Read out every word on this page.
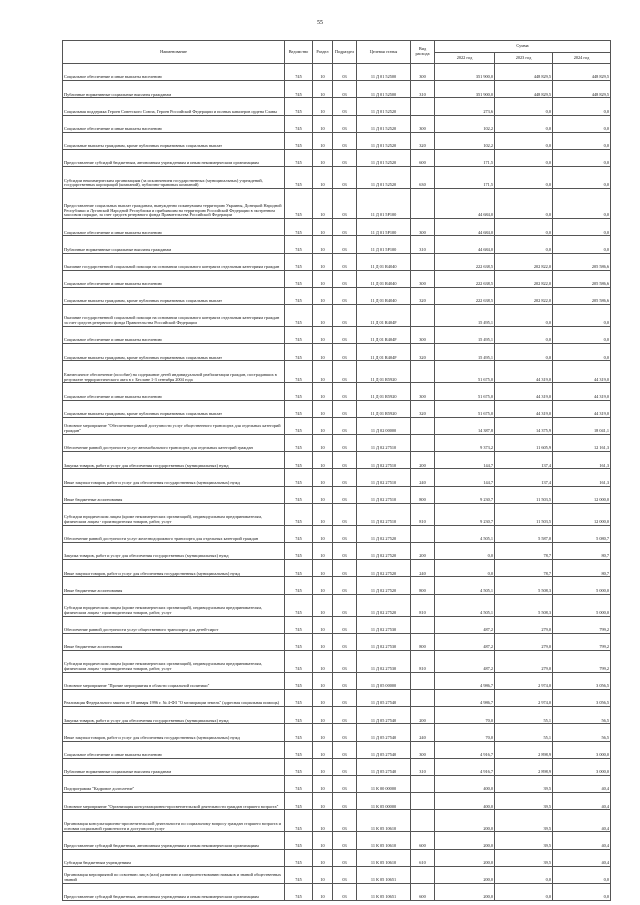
55
Наименование	Ведомство	Раздел	Подраздел	Целевая статья	Вид расхода	Сумма		
						2022 год	2023 год	2024 год
Социальное обеспечение и иные выплаты населению	745	10	03	11 Д 01 52500	300	351 900,0	448 829,5	448 829,5
Публичные нормативные социальные выплаты гражданам	745	10	03	11 Д 01 52500	310	351 900,0	448 829,5	448 829,5
Социальная поддержка Героев Советского Союза, Героев Российской Федерации и полных кавалеров ордена Славы	745	10	03	11 Д 01 52520		273,6	0,0	0,0
Социальное обеспечение и иные выплаты населению	745	10	03	11 Д 01 52520	300	102,2	0,0	0,0
Социальные выплаты гражданам, кроме публичных нормативных социальных выплат	745	10	03	11 Д 01 52520	320	102,2	0,0	0,0
Предоставление субсидий бюджетным, автономным учреждениям и иным некоммерческим организациям	745	10	03	11 Д 01 52520	600	171,5	0,0	0,0
Субсидии некоммерческим организациям (за исключением государственных (муниципальных) учреждений, государственных корпораций (компаний), публично-правовых компаний)	745	10	03	11 Д 01 52520	630	171,5	0,0	0,0
Предоставление социальных выплат гражданам, вынужденно покинувшим территорию Украины, Донецкой Народной Республики и Луганской Народной Республики и прибывшим на территорию Российской Федерации в экстренном массовом порядке, за счет средств резервного фонда Правительства Российской Федерации	745	10	03	11 Д 01 5Р100		44 684,0	0,0	0,0
Социальное обеспечение и иные выплаты населению	745	10	03	11 Д 01 5Р100	300	44 684,0	0,0	0,0
Публичные нормативные социальные выплаты гражданам	745	10	03	11 Д 01 5Р100	310	44 684,0	0,0	0,0
Оказание государственной социальной помощи на основании социального контракта отдельным категориям граждан	745	10	03	11 Д 01 R4040		222 638,5	202 822,0	205 586,6
Социальное обеспечение и иные выплаты населению	745	10	03	11 Д 01 R4040	300	222 638,5	202 822,0	205 586,6
Социальные выплаты гражданам, кроме публичных нормативных социальных выплат	745	10	03	11 Д 01 R4040	320	222 638,5	202 822,0	205 586,6
Оказание государственной социальной помощи на основании социального контракта отдельным категориям граждан за счет средств резервного фонда Правительства Российской Федерации	745	10	03	11 Д 01 R404F		15 495,1	0,0	0,0
Социальное обеспечение и иные выплаты населению	745	10	03	11 Д 01 R404F	300	15 495,1	0,0	0,0
Социальные выплаты гражданам, кроме публичных нормативных социальных выплат	745	10	03	11 Д 01 R404F	320	15 495,1	0,0	0,0
Ежемесячное обеспечение (пособие) на содержание детей индивидуальной реабилитации граждан, пострадавших в результате террористического акта в г. Беслане 1-3 сентября 2004 года	745	10	03	11 Д 01 R5920		51 675,0	44 319,0	44 319,0
Социальное обеспечение и иные выплаты населению	745	10	03	11 Д 01 R5920	300	51 675,0	44 319,0	44 319,0
Социальные выплаты гражданам, кроме публичных нормативных социальных выплат	745	10	03	11 Д 01 R5920	320	51 675,0	44 319,0	44 319,0
Основное мероприятие "Обеспечение равной доступности услуг общественного транспорта для отдельных категорий граждан"	745	10	03	11 Д 02 00000		14 387,8	14 375,9	18 041,1
Обеспечение равной доступности услуг автомобильного транспорта для отдельных категорий граждан	745	10	03	11 Д 02 27510		9 373,2	11 605,9	12 161,3
Закупка товаров, работ и услуг для обеспечения государственных (муниципальных) нужд	745	10	03	11 Д 02 27510	200	144,7	137,4	161,3
Иные закупки товаров, работ и услуг для обеспечения государственных (муниципальных) нужд	745	10	03	11 Д 02 27510	240	144,7	137,4	161,3
Иные бюджетные ассигнования	745	10	03	11 Д 02 27510	800	9 230,7	11 503,5	12 000,0
Субсидии юридическим лицам (кроме некоммерческих организаций), индивидуальным предпринимателям, физическим лицам - производителям товаров, работ, услуг	745	10	03	11 Д 02 27510	810	9 230,7	11 503,5	12 000,0
Обеспечение равной доступности услуг железнодорожного транспорта для отдельных категорий граждан	745	10	03	11 Д 02 27520		4 505,1	5 587,0	5 080,7
Закупка товаров, работ и услуг для обеспечения государственных (муниципальных) нужд	745	10	03	11 Д 02 27520	200	0,0	78,7	80,7
Иные закупки товаров, работ и услуг для обеспечения государственных (муниципальных) нужд	745	10	03	11 Д 02 27520	240	0,0	78,7	80,7
Иные бюджетные ассигнования	745	10	03	11 Д 02 27520	800	4 505,1	5 508,3	5 000,0
Субсидии юридическим лицам (кроме некоммерческих организаций), индивидуальным предпринимателям, физическим лицам - производителям товаров, работ, услуг	745	10	03	11 Д 02 27520	810	4 505,1	5 508,3	5 000,0
Обеспечение равной доступности услуг общественного транспорта для детей-сирот	745	10	03	11 Д 02 27530		487,2	279,0	799,2
Иные бюджетные ассигнования	745	10	03	11 Д 02 27530	800	487,2	279,0	799,2
Субсидии юридическим лицам (кроме некоммерческих организаций), индивидуальным предпринимателям, физическим лицам - производителям товаров, работ, услуг	745	10	03	11 Д 02 27530	810	487,2	279,0	799,2
Основное мероприятие "Прочие мероприятия в области социальной политики"	745	10	03	11 Д 05 00000		4 986,7	2 974,0	3 056,5
Реализация Федерального закона от 10 января 1996 г. № 4-ФЗ "О мелиорации земель" (адресная социальная помощь)	745	10	03	11 Д 05 27540		4 986,7	2 974,0	3 056,5
Закупка товаров, работ и услуг для обеспечения государственных (муниципальных) нужд	745	10	03	11 Д 05 27540	200	70,0	55,1	56,5
Иные закупки товаров, работ и услуг для обеспечения государственных (муниципальных) нужд	745	10	03	11 Д 05 27540	240	70,0	55,1	56,5
Социальное обеспечение и иные выплаты населению	745	10	03	11 Д 05 27540	300	4 916,7	2 898,9	3 000,0
Публичные нормативные социальные выплаты гражданам	745	10	03	11 Д 05 27540	310	4 916,7	2 898,9	3 000,0
Подпрограмма "Кадровое долголетие"	745	10	03	11 К 00 00000		400,0	39,5	40,4
Основное мероприятие "Организация консультационно-просветительской деятельности граждан старшего возраста"	745	10	03	11 К 05 00000		400,0	39,5	40,4
Организация консультационно-просветительской деятельности по социальному вопросу граждан старшего возраста и основам социальной грамотности и доступности услуг	745	10	03	11 К 05 10610		200,0	39,5	40,4
Предоставление субсидий бюджетным, автономным учреждениям и иным некоммерческим организациям	745	10	03	11 К 05 10610	600	200,0	39,5	40,4
Субсидии бюджетным учреждениям	745	10	03	11 К 05 10610	610	200,0	39,5	40,4
Организация мероприятий по освоению лиц в (или) развитию и совершенствованию навыков и знаний общественных знаний	745	10	03	11 К 05 10651		200,0	0,0	0,0
Предоставление субсидий бюджетным, автономным учреждениям и иным некоммерческим организациям	745	10	03	11 К 05 10651	600	200,0	0,0	0,0
